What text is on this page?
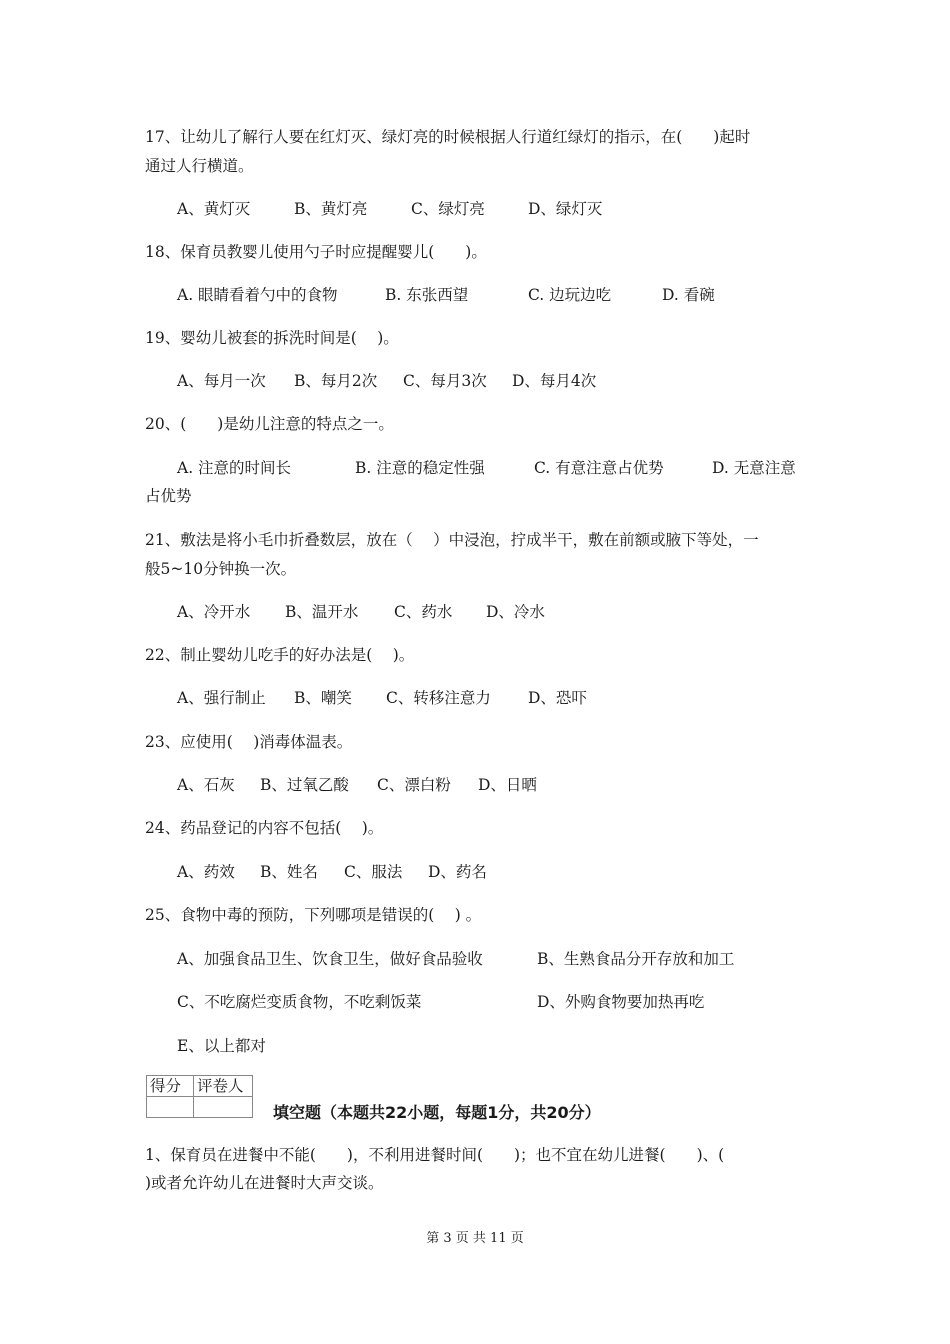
17、让幼儿了解行人要在红灯灭、绿灯亮的时候根据人行道红绿灯的指示，在(　　)起时
通过人行横道。
A、黄灯灭	B、黄灯亮	C、绿灯亮	D、绿灯灭
18、保育员教婴儿使用勺子时应提醒婴儿(　　)。
A. 眼睛看着勺中的食物	B. 东张西望	C. 边玩边吃	D. 看碗
19、婴幼儿被套的拆洗时间是(　 )。
A、每月一次 B、每月2次 C、每月3次 D、每月4次
20、(　　)是幼儿注意的特点之一。
A. 注意的时间长	B. 注意的稳定性强	C. 有意注意占优势	D. 无意注意
占优势
21、敷法是将小毛巾折叠数层，放在（　 ）中浸泡，拧成半干，敷在前额或腋下等处，一
般5~10分钟换一次。
A、冷开水 B、温开水 C、药水 D、冷水
22、制止婴幼儿吃手的好办法是(　 )。
A、强行制止 B、嘲笑 C、转移注意力 D、恐吓
23、应使用(　 )消毒体温表。
A、石灰 B、过氧乙酸 C、漂白粉 D、日晒
24、药品登记的内容不包括(　 )。
A、药效 B、姓名 C、服法 D、药名
25、食物中毒的预防，下列哪项是错误的(　 ) 。
A、加强食品卫生、饮食卫生，做好食品验收	B、生熟食品分开存放和加工
C、不吃腐烂变质食物，不吃剩饭菜	D、外购食物要加热再吃
E、以上都对
得分	评卷人

填空题（本题共22小题，每题1分，共20分）
1、保育员在进餐中不能(　　)，不利用进餐时间(　　)；也不宜在幼儿进餐(　　)、(
)或者允许幼儿在进餐时大声交谈。
第 3 页 共 11 页
